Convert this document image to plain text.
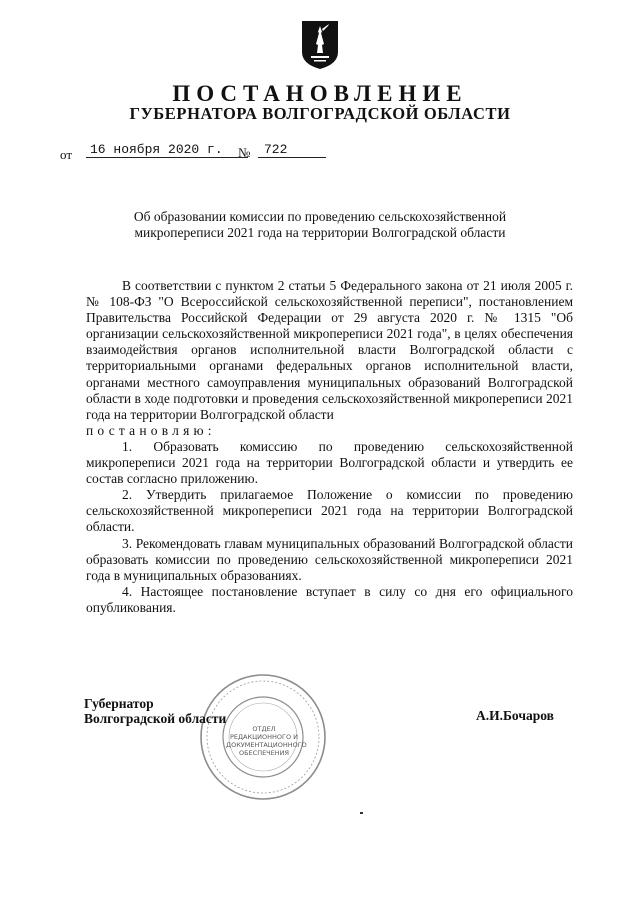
ПОСТАНОВЛЕНИЕ
ГУБЕРНАТОРА ВОЛГОГРАДСКОЙ ОБЛАСТИ
от	16 ноября 2020 г.	№	722
Об образовании комиссии по проведению сельскохозяйственной
микропереписи 2021 года на территории Волгоградской области

В соответствии с пунктом 2 статьи 5 Федерального закона от 21 июля 2005 г. № 108-ФЗ "О Всероссийской сельскохозяйственной переписи", постановлением Правительства Российской Федерации от 29 августа 2020 г. № 1315 "Об организации сельскохозяйственной микропереписи 2021 года", в целях обеспечения взаимодействия органов исполнительной власти Волгоградской области с территориальными органами федеральных органов исполнительной власти, органами местного самоуправления муниципальных образований Волгоградской области в ходе подготовки и проведения сельскохозяйственной микропереписи 2021 года на территории Волгоградской области

постановляю:

1. Образовать комиссию по проведению сельскохозяйственной микропереписи 2021 года на территории Волгоградской области и утвердить ее состав согласно приложению.

2. Утвердить прилагаемое Положение о комиссии по проведению сельскохозяйственной микропереписи 2021 года на территории Волгоградской области.

3. Рекомендовать главам муниципальных образований Волгоградской области образовать комиссии по проведению сельскохозяйственной микропереписи 2021 года в муниципальных образованиях.

4. Настоящее постановление вступает в силу со дня его официального опубликования.

ОТДЕЛ
РЕДАКЦИОННОГО И
ДОКУМЕНТАЦИОННОГО
ОБЕСПЕЧЕНИЯ
Губернатор
Волгоградской области	А.И.Бочаров
